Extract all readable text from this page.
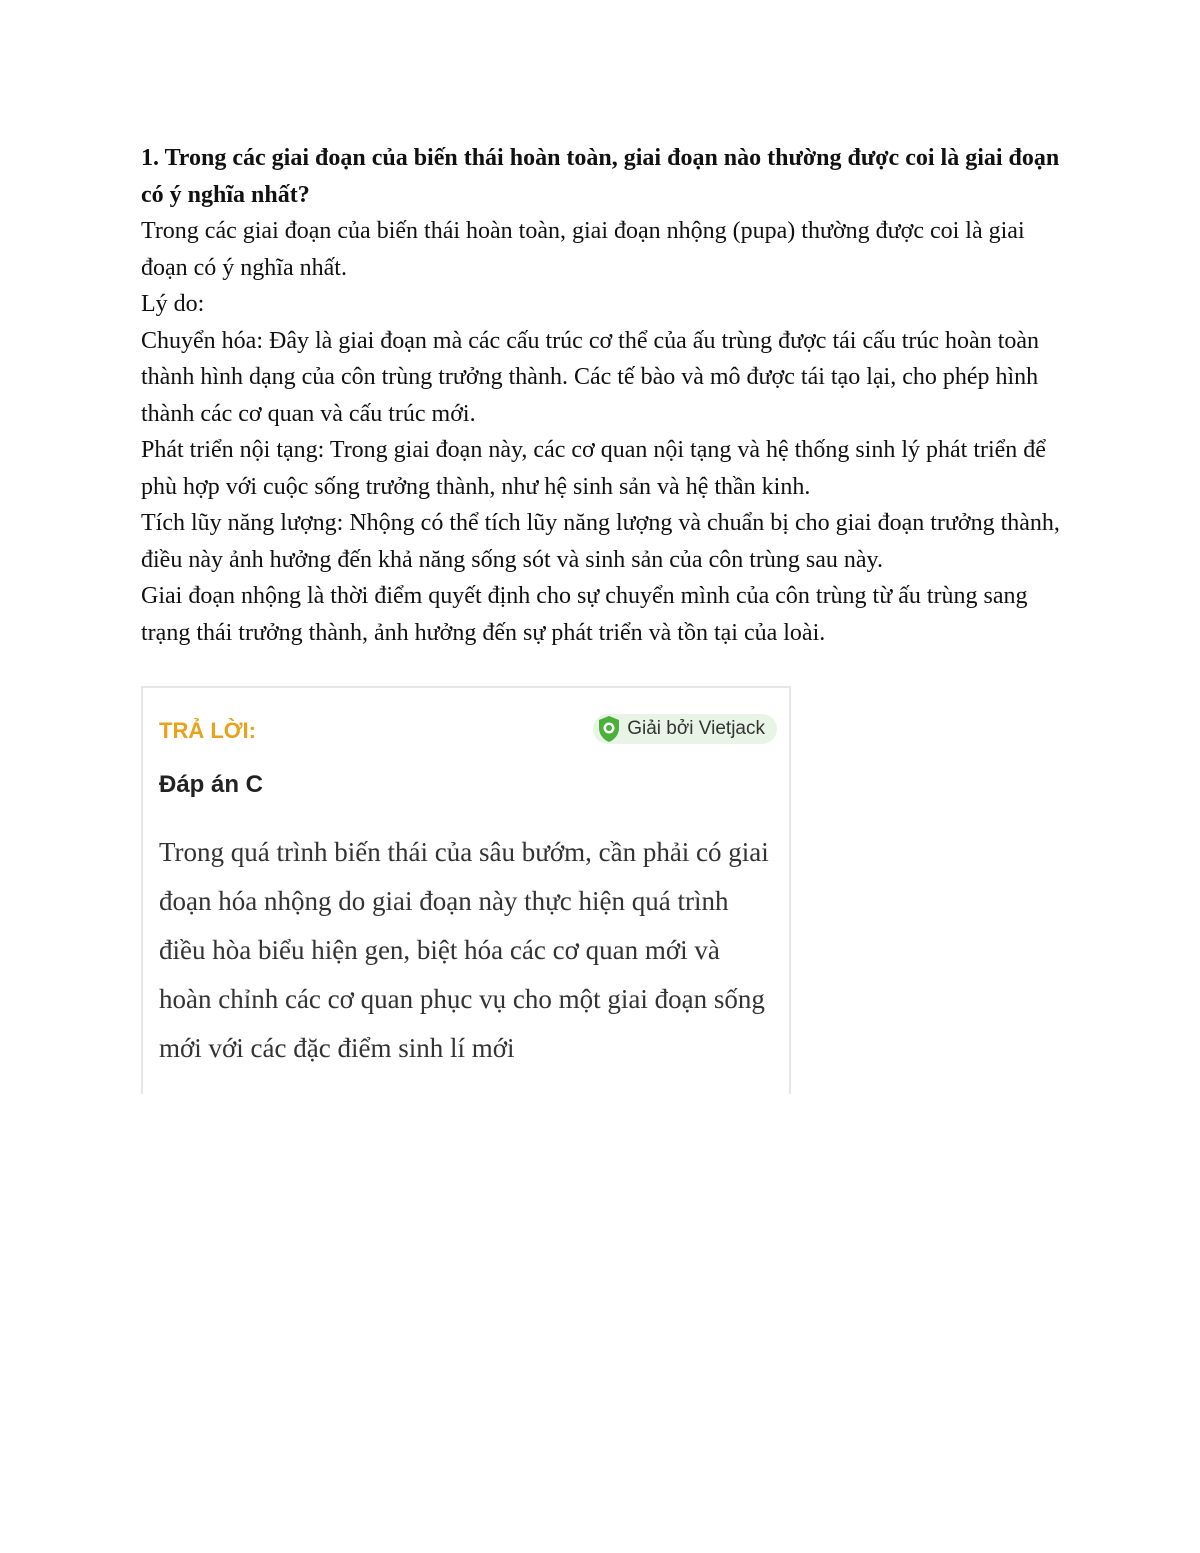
1. Trong các giai đoạn của biến thái hoàn toàn, giai đoạn nào thường được coi là giai đoạn có ý nghĩa nhất?

Trong các giai đoạn của biến thái hoàn toàn, giai đoạn nhộng (pupa) thường được coi là giai đoạn có ý nghĩa nhất.

Lý do:

Chuyển hóa: Đây là giai đoạn mà các cấu trúc cơ thể của ấu trùng được tái cấu trúc hoàn toàn thành hình dạng của côn trùng trưởng thành. Các tế bào và mô được tái tạo lại, cho phép hình thành các cơ quan và cấu trúc mới.

Phát triển nội tạng: Trong giai đoạn này, các cơ quan nội tạng và hệ thống sinh lý phát triển để phù hợp với cuộc sống trưởng thành, như hệ sinh sản và hệ thần kinh.

Tích lũy năng lượng: Nhộng có thể tích lũy năng lượng và chuẩn bị cho giai đoạn trưởng thành, điều này ảnh hưởng đến khả năng sống sót và sinh sản của côn trùng sau này.

Giai đoạn nhộng là thời điểm quyết định cho sự chuyển mình của côn trùng từ ấu trùng sang trạng thái trưởng thành, ảnh hưởng đến sự phát triển và tồn tại của loài.

TRẢ LỜI:	Giải bởi Vietjack
Đáp án C
Trong quá trình biến thái của sâu bướm, cần phải có giai đoạn hóa nhộng do giai đoạn này thực hiện quá trình điều hòa biểu hiện gen, biệt hóa các cơ quan mới và hoàn chỉnh các cơ quan phục vụ cho một giai đoạn sống mới với các đặc điểm sinh lí mới
